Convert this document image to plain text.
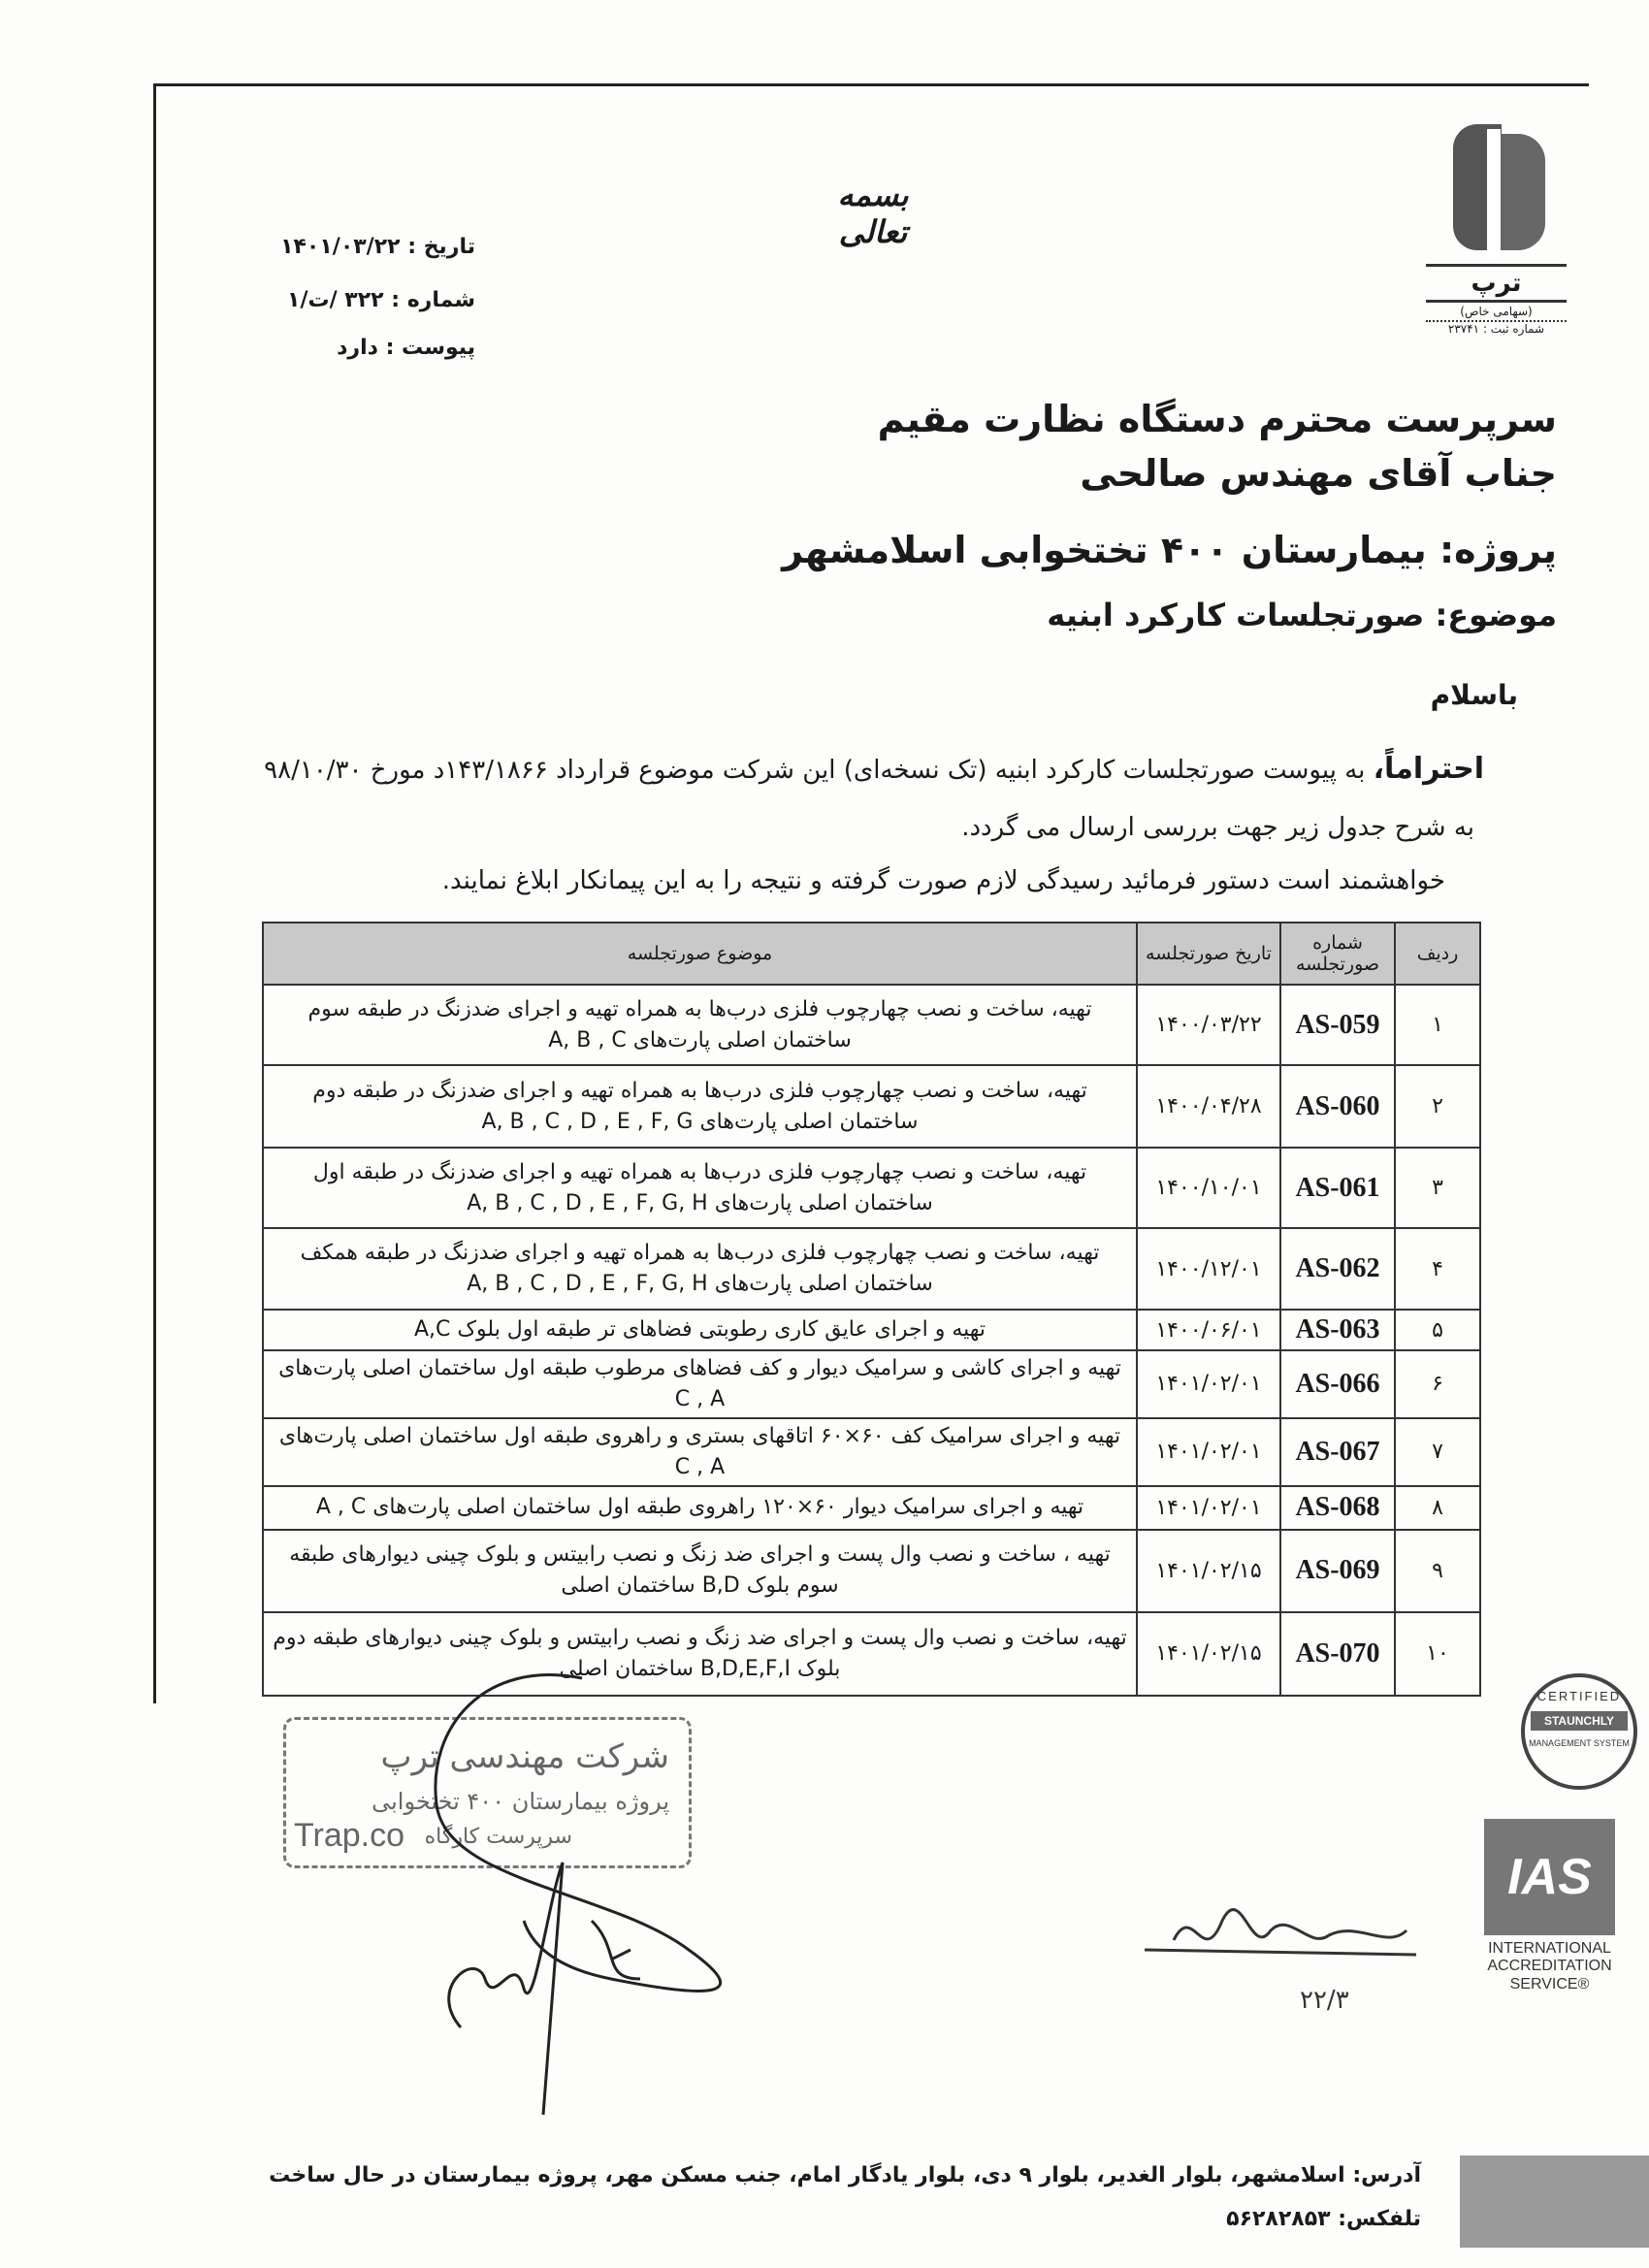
ترپ
(سهامی خاص)
شماره ثبت : ۲۳۷۴۱
بسمه تعالی
تاریخ : ۱۴۰۱/۰۳/۲۲
شماره : ۳۲۲ /ت/۱
پیوست : دارد
سرپرست محترم دستگاه نظارت مقیم
جناب آقای مهندس صالحی
پروژه: بیمارستان ۴۰۰ تختخوابی اسلامشهر
موضوع: صورتجلسات کارکرد ابنیه
باسلام
احتراماً، به پیوست صورتجلسات کارکرد ابنیه (تک نسخه‌ای) این شرکت موضوع قرارداد ۱۴۳/۱۸۶۶د مورخ ۹۸/۱۰/۳۰
به شرح جدول زیر جهت بررسی ارسال می گردد.
خواهشمند است دستور فرمائید رسیدگی لازم صورت گرفته و نتیجه را به این پیمانکار ابلاغ نمایند.
ردیف	شماره صورتجلسه	تاریخ صورتجلسه	موضوع صورتجلسه
۱	AS-059	۱۴۰۰/۰۳/۲۲	تهیه، ساخت و نصب چهارچوب فلزی درب‌ها به همراه تهیه و اجرای ضدزنگ در طبقه سوم ساختمان اصلی پارت‌های A, B , C
۲	AS-060	۱۴۰۰/۰۴/۲۸	تهیه، ساخت و نصب چهارچوب فلزی درب‌ها به همراه تهیه و اجرای ضدزنگ در طبقه دوم ساختمان اصلی پارت‌های A, B , C , D , E , F, G
۳	AS-061	۱۴۰۰/۱۰/۰۱	تهیه، ساخت و نصب چهارچوب فلزی درب‌ها به همراه تهیه و اجرای ضدزنگ در طبقه اول ساختمان اصلی پارت‌های A, B , C , D , E , F, G, H
۴	AS-062	۱۴۰۰/۱۲/۰۱	تهیه، ساخت و نصب چهارچوب فلزی درب‌ها به همراه تهیه و اجرای ضدزنگ در طبقه همکف ساختمان اصلی پارت‌های A, B , C , D , E , F, G, H
۵	AS-063	۱۴۰۰/۰۶/۰۱	تهیه و اجرای عایق کاری رطوبتی فضاهای تر طبقه اول بلوک A,C
۶	AS-066	۱۴۰۱/۰۲/۰۱	تهیه و اجرای کاشی و سرامیک دیوار و کف فضاهای مرطوب طبقه اول ساختمان اصلی پارت‌های C , A
۷	AS-067	۱۴۰۱/۰۲/۰۱	تهیه و اجرای سرامیک کف ۶۰×۶۰ اتاقهای بستری و راهروی طبقه اول ساختمان اصلی پارت‌های C , A
۸	AS-068	۱۴۰۱/۰۲/۰۱	تهیه و اجرای سرامیک دیوار ۶۰×۱۲۰ راهروی طبقه اول ساختمان اصلی پارت‌های A , C
۹	AS-069	۱۴۰۱/۰۲/۱۵	تهیه ، ساخت و نصب وال پست و اجرای ضد زنگ و نصب رابیتس و بلوک چینی دیوارهای طبقه سوم بلوک B,D ساختمان اصلی
۱۰	AS-070	۱۴۰۱/۰۲/۱۵	تهیه، ساخت و نصب وال پست و اجرای ضد زنگ و نصب رابیتس و بلوک چینی دیوارهای طبقه دوم بلوک B,D,E,F,I ساختمان اصلی
شرکت مهندسی ترپ
پروژه بیمارستان ۴۰۰ تختخوابی
سرپرست کارگاه
Trap.co
۲۲/۳
CERTIFIED
STAUNCHLY
MANAGEMENT SYSTEM
IAS
INTERNATIONAL
ACCREDITATION
SERVICE®
آدرس: اسلامشهر، بلوار الغدیر، بلوار ۹ دی، بلوار یادگار امام، جنب مسکن مهر، پروژه بیمارستان در حال ساخت
تلفکس: ۵۶۲۸۲۸۵۳
